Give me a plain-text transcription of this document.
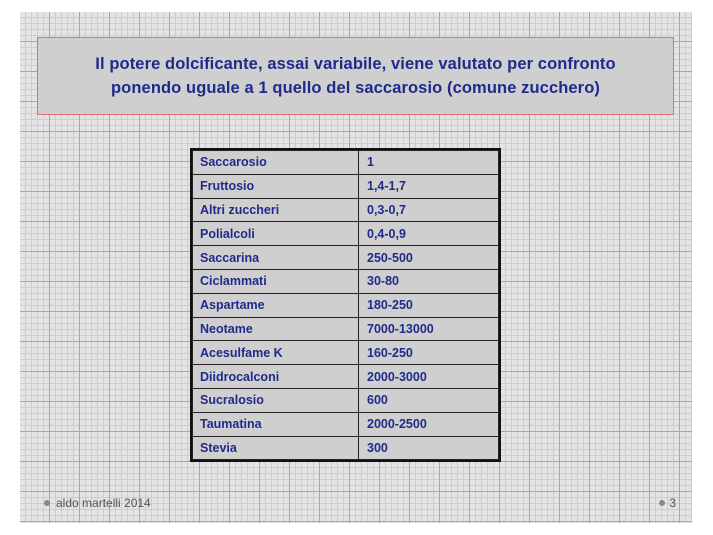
Il potere dolcificante, assai variabile, viene valutato per confronto
ponendo uguale a 1 quello del saccarosio (comune zucchero)
Saccarosio	1
Fruttosio	1,4-1,7
Altri zuccheri	0,3-0,7
Polialcoli	0,4-0,9
Saccarina	250-500
Ciclammati	30-80
Aspartame	180-250
Neotame	7000-13000
Acesulfame K	160-250
Diidrocalconi	2000-3000
Sucralosio	600
Taumatina	2000-2500
Stevia	300
aldo martelli 2014	3
